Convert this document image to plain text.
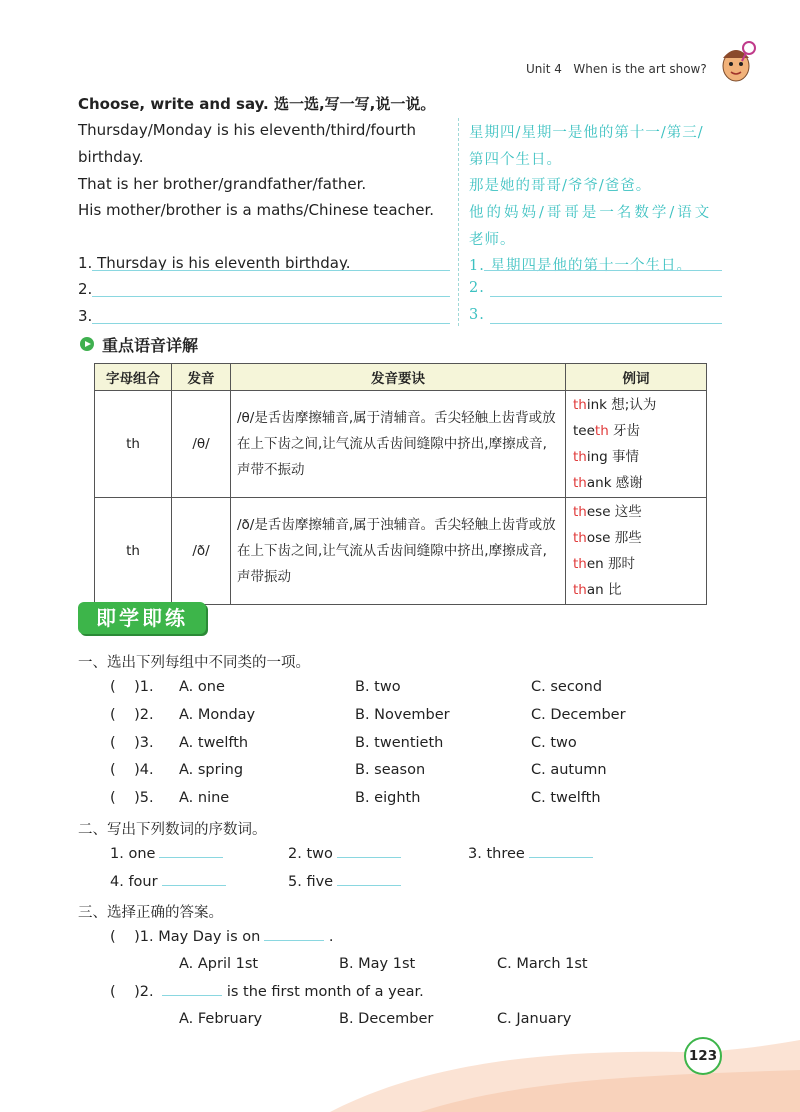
Unit 4 When is the art show?
Choose, write and say. 选一选,写一写,说一说。
Thursday/Monday is his eleventh/third/fourth
birthday.
That is her brother/grandfather/father.
His mother/brother is a maths/Chinese teacher.
星期四/星期一是他的第十一/第三/
第四个生日。
那是她的哥哥/爷爷/爸爸。
他的妈妈/哥哥是一名数学/语文
老师。
1. Thursday is his eleventh birthday.
2.
3.
1. 星期四是他的第十一个生日。
2.
3.
重点语音详解
字母组合	发音	发音要诀	例词
th	/θ/	/θ/是舌齿摩擦辅音,属于清辅音。舌尖轻触上齿背或放在上下齿之间,让气流从舌齿间缝隙中挤出,摩擦成音,声带不振动	think 想;认为
teeth 牙齿
thing 事情
thank 感谢

th	/ð/	/ð/是舌齿摩擦辅音,属于浊辅音。舌尖轻触上齿背或放在上下齿之间,让气流从舌齿间缝隙中挤出,摩擦成音,声带振动	these 这些
those 那些
then 那时
than 比
即学即练
一、选出下列每组中不同类的一项。
( )1. A. one	B. two	C. second
( )2. A. Monday	B. November	C. December
( )3. A. twelfth	B. twentieth	C. two
( )4. A. spring	B. season	C. autumn
( )5. A. nine	B. eighth	C. twelfth
二、写出下列数词的序数词。
1. one	2. two	3. three
4. four	5. five
三、选择正确的答案。
( )1. May Day is on	.
A. April 1st	B. May 1st	C. March 1st
( )2.	is the first month of a year.
A. February	B. December	C. January
123
